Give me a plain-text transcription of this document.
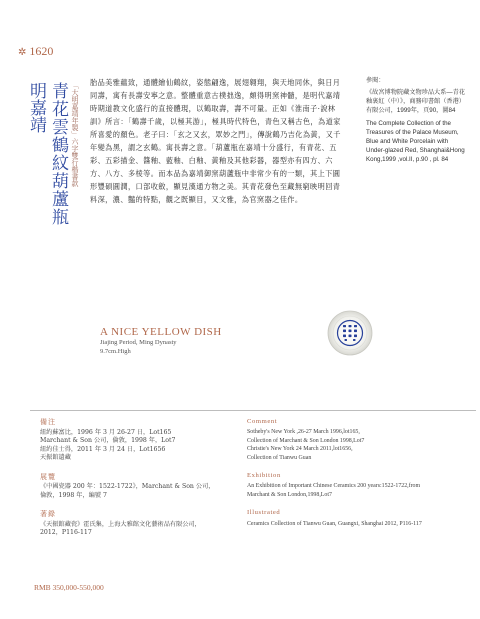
✲ 1620
明嘉靖 青花雲鶴紋葫蘆瓶 「大明嘉靖年製」六字雙行楷書款 胎品美雅蘊致，通體繪仙鶴紋，姿態翩逸，展翅翱翔，與天地同休，與日月同壽，寓有長壽安寧之意。整體重意古樸拙逸，頗得明窯神髓，是明代嘉靖時期道教文化盛行的直接體現，以鶴取壽，壽不可量。正如《淮南子·說林訓》所言：「鶴壽千歲，以極其游」，極具時代特色，青色又稱古色，為道家所喜愛的顏色。老子曰：「玄之又玄，眾妙之門」，傳說鶴乃吉化為黃，又千年變為黑，謂之玄鶴。寓長壽之意。「葫蘆瓶在嘉靖十分盛行，有青花、五彩、五彩描金、醬釉、藍釉、白釉、黃釉及其他彩器，器型亦有四方、六方、八方、多棱等。而本品為嘉靖御窯葫蘆瓶中非常少有的一類，其上下圓形豐碩圓潤，口部收斂，顯見漢通方物之美。其青花發色至藏無窮映明回青料深，濃、豔的特點，觀之既顯目，又文雅，為官窯器之佳作。
參閱：
《故宮博物院藏文物珍品大系—青花釉裏紅（中）》，商務印書館（香港）有限公司，1999年，頁90，圖84
The Complete Collection of the Treasures of the Palace Museum, Blue and White Porcelain with Under-glazed Red, Shanghai&Hong Kong,1999 ,vol.II, p.90 , pl. 84
A NICE YELLOW DISH
Jiajing Period, Ming Dynasty
9.7cm.High
備注
紐約蘇富比，1996 年 3 月 26-27 日，Lot165
Marchant & Son 公司，倫敦，1998 年，Lot7
紐約佳士得，2011 年 3 月 24 日，Lot1656
天振館遺藏
展覽
《中國瓷器 200 年：1522-1722》，Marchant & Son 公司，
倫敦，1998 年，編號 7
著錄
《天振館藏瓷》霍氏集，上海大雅館文化藝術品有限公司，
2012，P116-117
Comment
Sotheby's New York ,26-27 March 1996,lot165,
Collection of Marchant & Son London 1998,Lot7
Christie's New York 24 March 2011,lot1656,
Collection of Tianwu Guan
Exhibition
An Exhibition of Important Chinese Ceramics 200 years:1522-1722,from
Marchant & Son London,1998,Lot7
Illustrated
Ceramics Collection of Tianwu Guan, Guangxi, Shanghai 2012, P116-117
RMB 350,000-550,000
